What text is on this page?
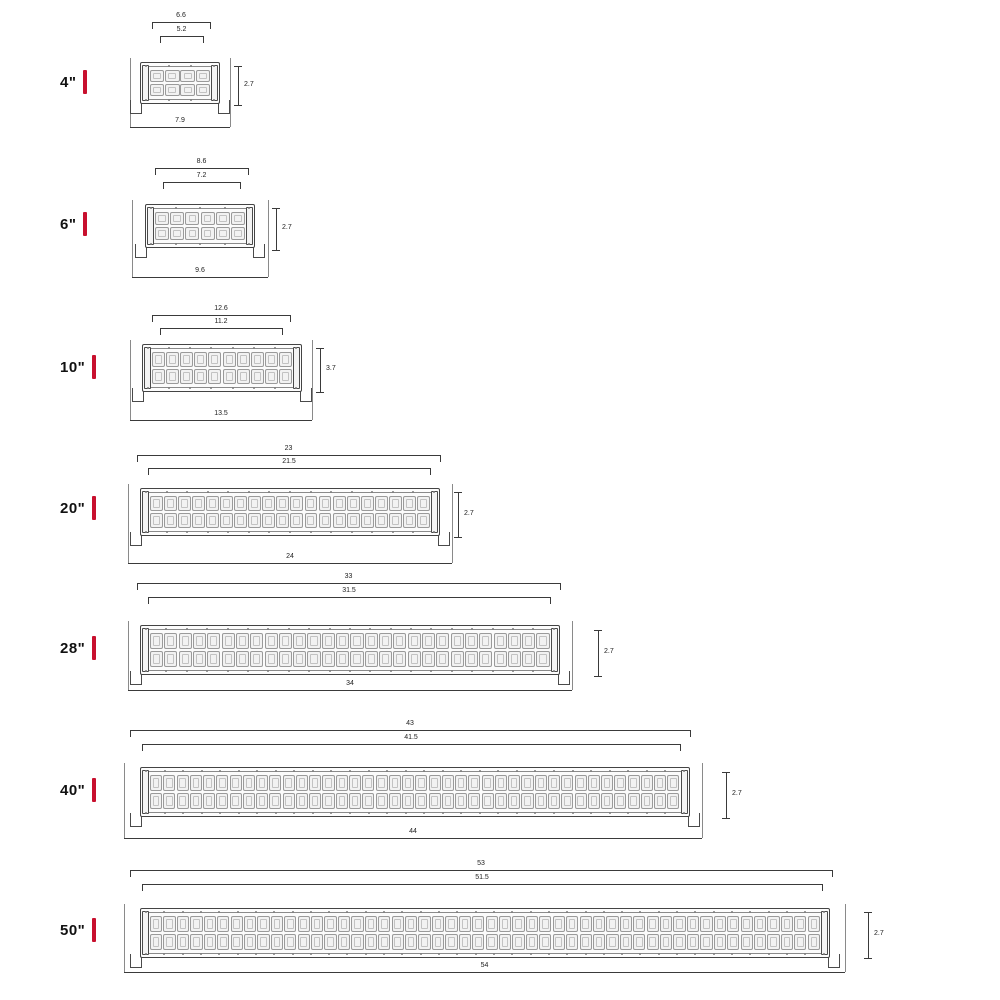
4"
6.6
5.2
7.9
2.7
6"
8.6
7.2
9.6
2.7
10"
12.6
11.2
13.5
3.7
20"
23
21.5
24
2.7
28"
33
31.5
34
2.7
40"
43
41.5
44
2.7
50"
53
51.5
54
2.7
